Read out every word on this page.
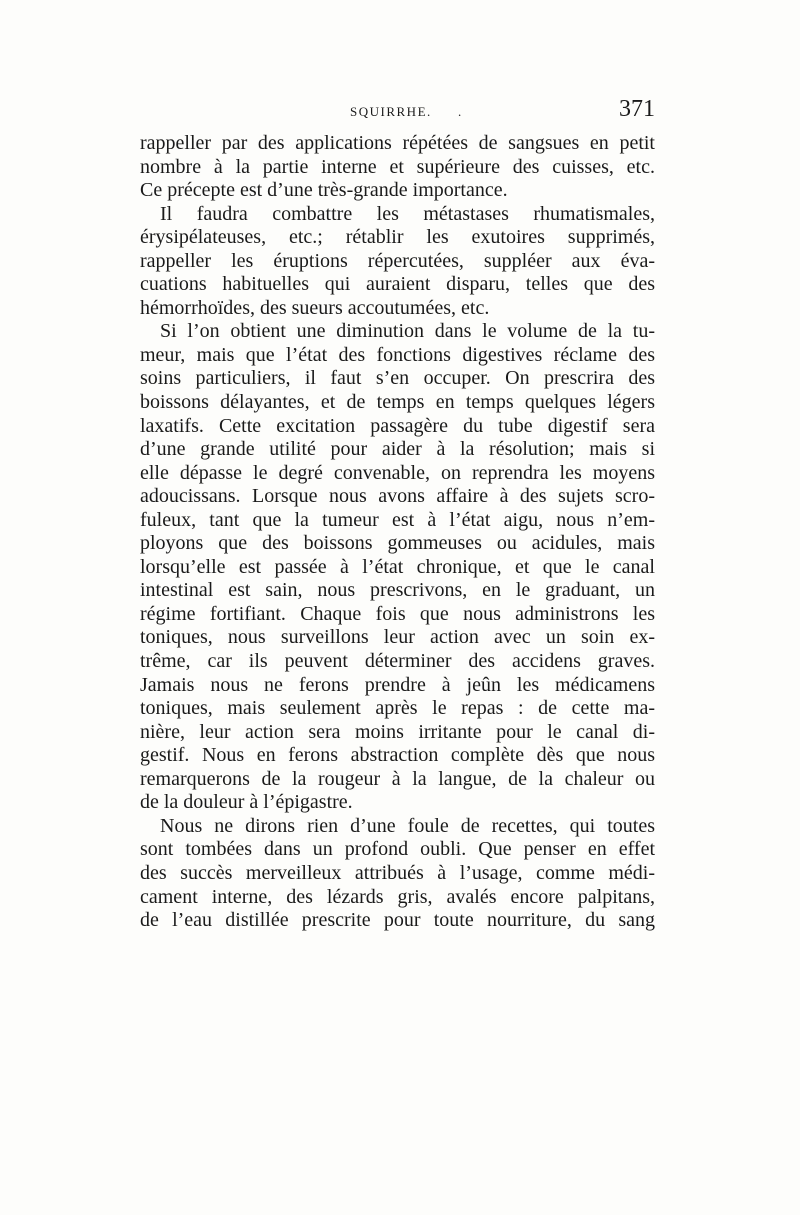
SQUIRRHE. .	371
rappeller par des applications répétées de sangsues en petit
nombre à la partie interne et supérieure des cuisses, etc.
Ce précepte est d’une très-grande importance.
Il faudra combattre les métastases rhumatismales,
érysipélateuses, etc.; rétablir les exutoires supprimés,
rappeller les éruptions répercutées, suppléer aux éva-
cuations habituelles qui auraient disparu, telles que des
hémorrhoïdes, des sueurs accoutumées, etc.
Si l’on obtient une diminution dans le volume de la tu-
meur, mais que l’état des fonctions digestives réclame des
soins particuliers, il faut s’en occuper. On prescrira des
boissons délayantes, et de temps en temps quelques légers
laxatifs. Cette excitation passagère du tube digestif sera
d’une grande utilité pour aider à la résolution; mais si
elle dépasse le degré convenable, on reprendra les moyens
adoucissans. Lorsque nous avons affaire à des sujets scro-
fuleux, tant que la tumeur est à l’état aigu, nous n’em-
ployons que des boissons gommeuses ou acidules, mais
lorsqu’elle est passée à l’état chronique, et que le canal
intestinal est sain, nous prescrivons, en le graduant, un
régime fortifiant. Chaque fois que nous administrons les
toniques, nous surveillons leur action avec un soin ex-
trême, car ils peuvent déterminer des accidens graves.
Jamais nous ne ferons prendre à jeûn les médicamens
toniques, mais seulement après le repas : de cette ma-
nière, leur action sera moins irritante pour le canal di-
gestif. Nous en ferons abstraction complète dès que nous
remarquerons de la rougeur à la langue, de la chaleur ou
de la douleur à l’épigastre.
Nous ne dirons rien d’une foule de recettes, qui toutes
sont tombées dans un profond oubli. Que penser en effet
des succès merveilleux attribués à l’usage, comme médi-
cament interne, des lézards gris, avalés encore palpitans,
de l’eau distillée prescrite pour toute nourriture, du sang
